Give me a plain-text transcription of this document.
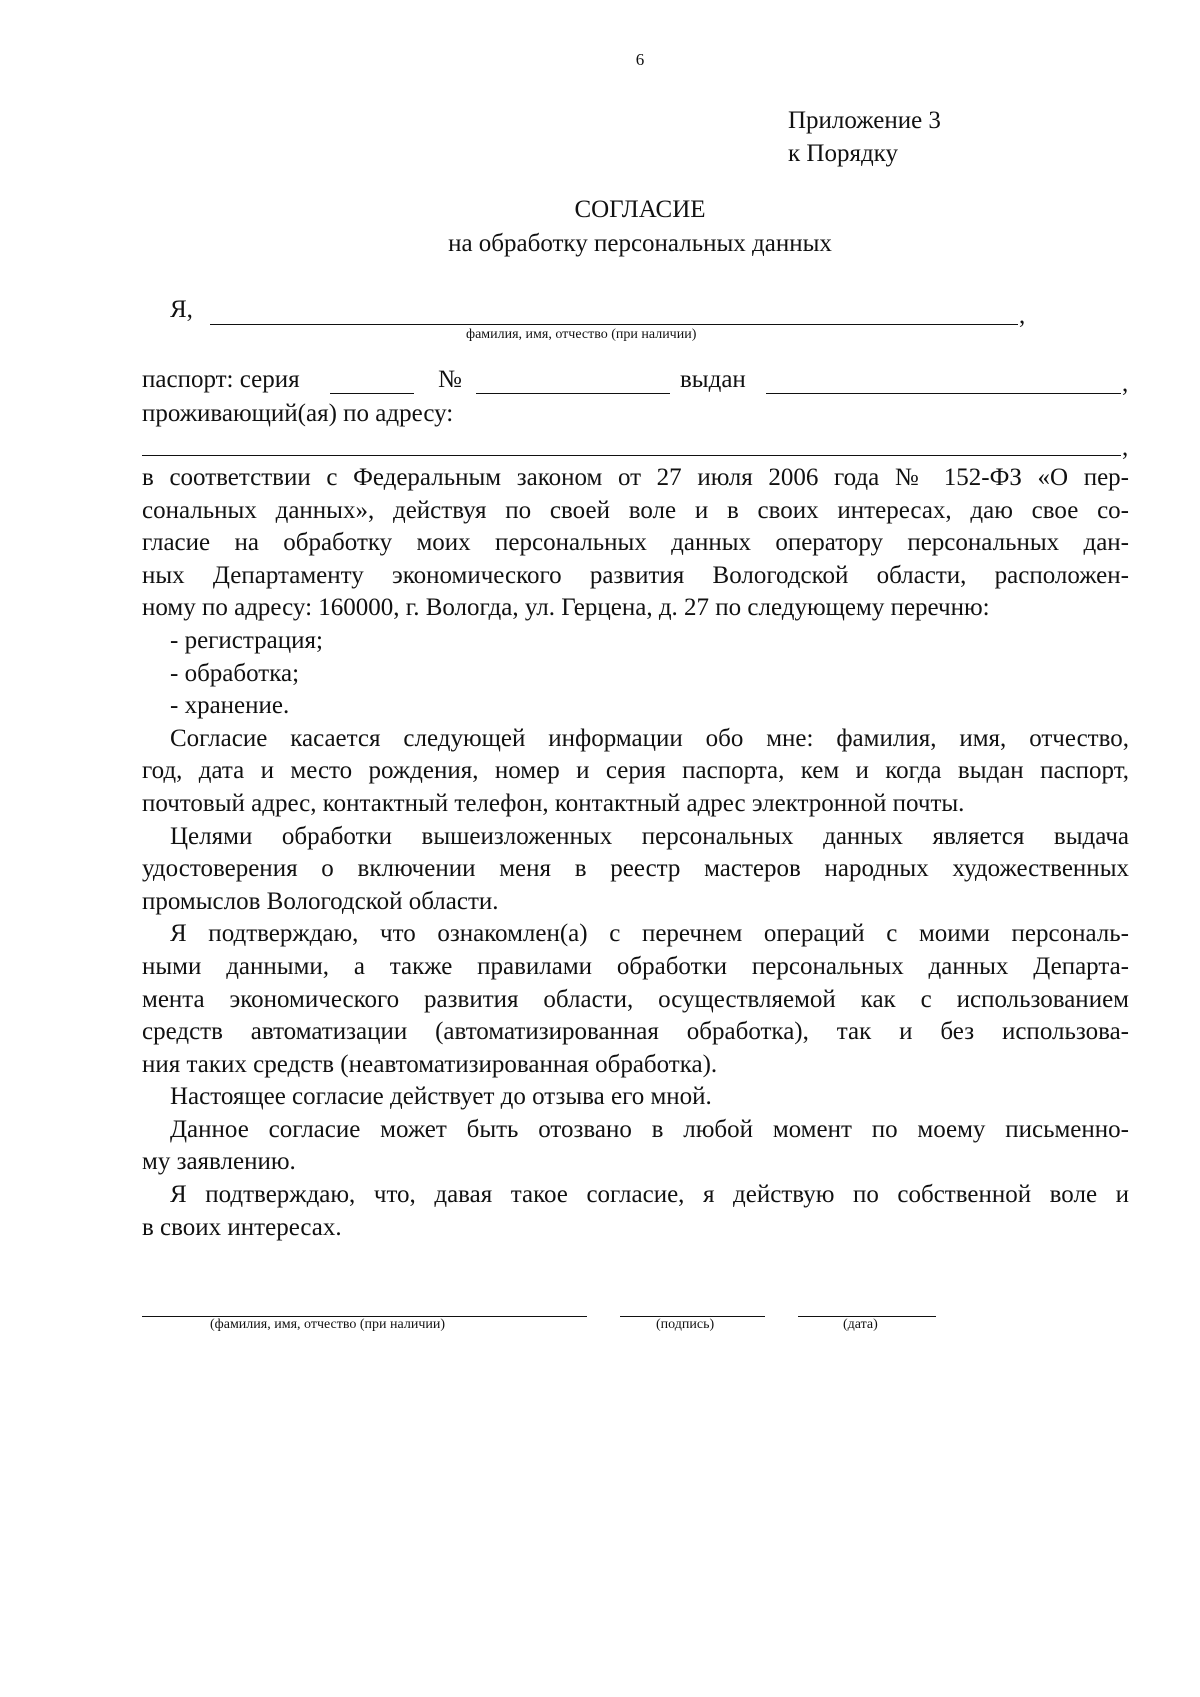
6
Приложение 3
к Порядку
СОГЛАСИЕ
на обработку персональных данных
Я,	,
фамилия, имя, отчество (при наличии)
паспорт: серия	№	выдан	,
проживающий(ая) по адресу:
,

в соответствии с Федеральным законом от 27 июля 2006 года № 152-ФЗ «О пер-

сональных данных», действуя по своей воле и в своих интересах, даю свое со-

гласие на обработку моих персональных данных оператору персональных дан-

ных Департаменту экономического развития Вологодской области, расположен-

ному по адресу: 160000, г. Вологда, ул. Герцена, д. 27 по следующему перечню:

- регистрация;

- обработка;

- хранение.

Согласие касается следующей информации обо мне: фамилия, имя, отчество,

год, дата и место рождения, номер и серия паспорта, кем и когда выдан паспорт,

почтовый адрес, контактный телефон, контактный адрес электронной почты.

Целями обработки вышеизложенных персональных данных является выдача

удостоверения о включении меня в реестр мастеров народных художественных

промыслов Вологодской области.

Я подтверждаю, что ознакомлен(а) с перечнем операций с моими персональ-

ными данными, а также правилами обработки персональных данных Департа-

мента экономического развития области, осуществляемой как с использованием

средств автоматизации (автоматизированная обработка), так и без использова-

ния таких средств (неавтоматизированная обработка).

Настоящее согласие действует до отзыва его мной.

Данное согласие может быть отозвано в любой момент по моему письменно-

му заявлению.

Я подтверждаю, что, давая такое согласие, я действую по собственной воле и

в своих интересах.

(фамилия, имя, отчество (при наличии)	(подпись)	(дата)
